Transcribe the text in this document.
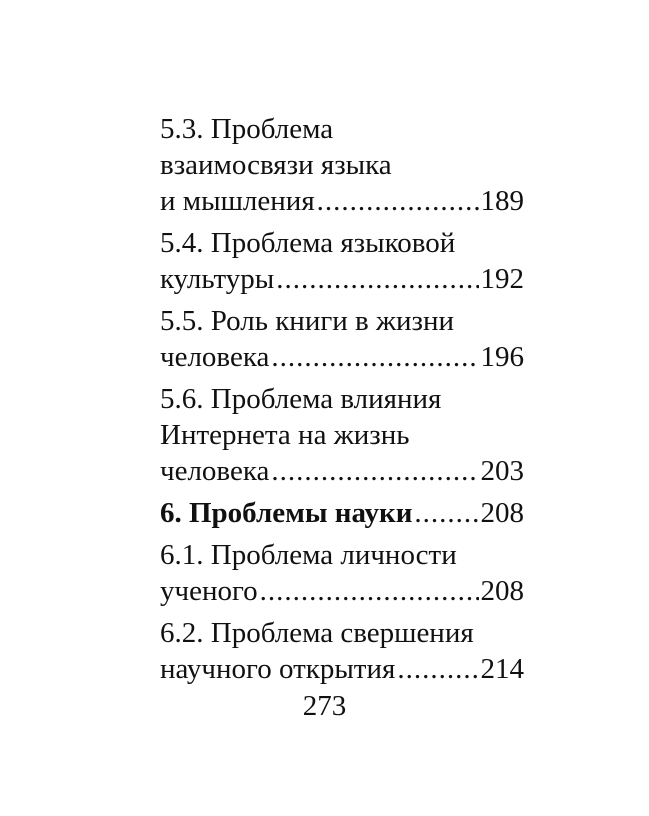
5.3. Проблема
взаимосвязи языка
и мышления .....	189
5.4. Проблема языковой
культуры .....	192
5.5. Роль книги в жизни
человека .....	196
5.6. Проблема влияния
Интернета на жизнь
человека .....	203
6. Проблемы науки ..... 208
6.1. Проблема личности
ученого .....	208
6.2. Проблема свершения
научного открытия .....	214
273
